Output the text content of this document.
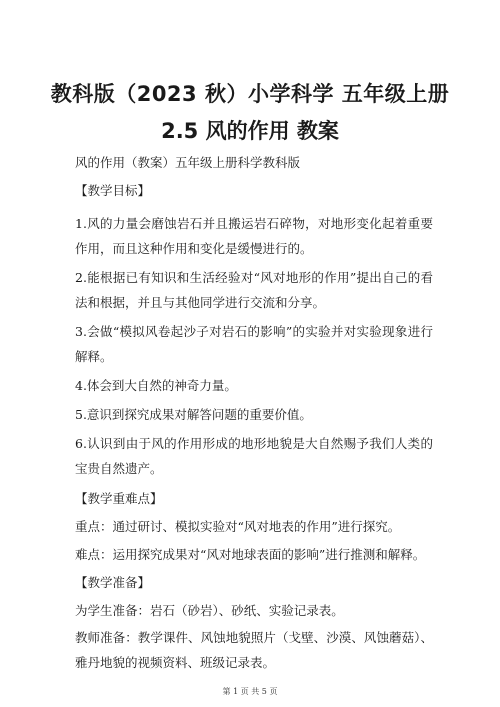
教科版（2023 秋）小学科学 五年级上册
2.5 风的作用 教案
风的作用（教案）五年级上册科学教科版
【教学目标】
1.风的力量会磨蚀岩石并且搬运岩石碎物，对地形变化起着重要作用，而且这种作用和变化是缓慢进行的。
2.能根据已有知识和生活经验对“风对地形的作用”提出自己的看法和根据，并且与其他同学进行交流和分享。
3.会做“模拟风卷起沙子对岩石的影响”的实验并对实验现象进行解释。
4.体会到大自然的神奇力量。
5.意识到探究成果对解答问题的重要价值。
6.认识到由于风的作用形成的地形地貌是大自然赐予我们人类的宝贵自然遗产。
【教学重难点】
重点：通过研讨、模拟实验对“风对地表的作用”进行探究。
难点：运用探究成果对“风对地球表面的影响”进行推测和解释。
【教学准备】
为学生准备：岩石（砂岩）、砂纸、实验记录表。
教师准备：教学课件、风蚀地貌照片（戈壁、沙漠、风蚀蘑菇）、雅丹地貌的视频资料、班级记录表。
第 1 页 共 5 页
